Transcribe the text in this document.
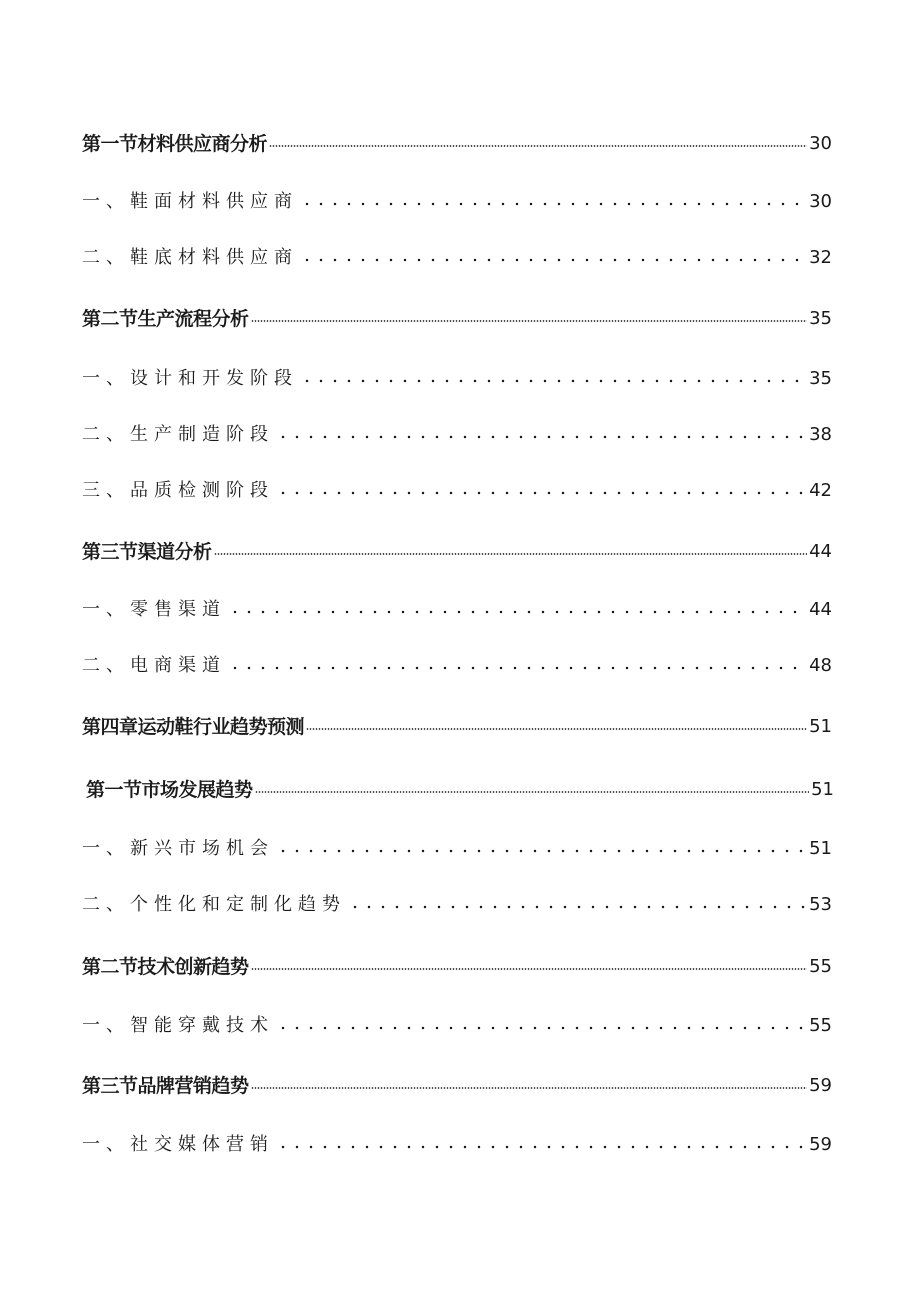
第一节材料供应商分析	30
一、鞋面材料供应商	30
二、鞋底材料供应商	32
第二节生产流程分析	35
一、设计和开发阶段	35
二、生产制造阶段	38
三、品质检测阶段	42
第三节渠道分析	44
一、零售渠道	44
二、电商渠道	48
第四章运动鞋行业趋势预测	51
第一节市场发展趋势	51
一、新兴市场机会	51
二、个性化和定制化趋势	53
第二节技术创新趋势	55
一、智能穿戴技术	55
第三节品牌营销趋势	59
一、社交媒体营销	59
